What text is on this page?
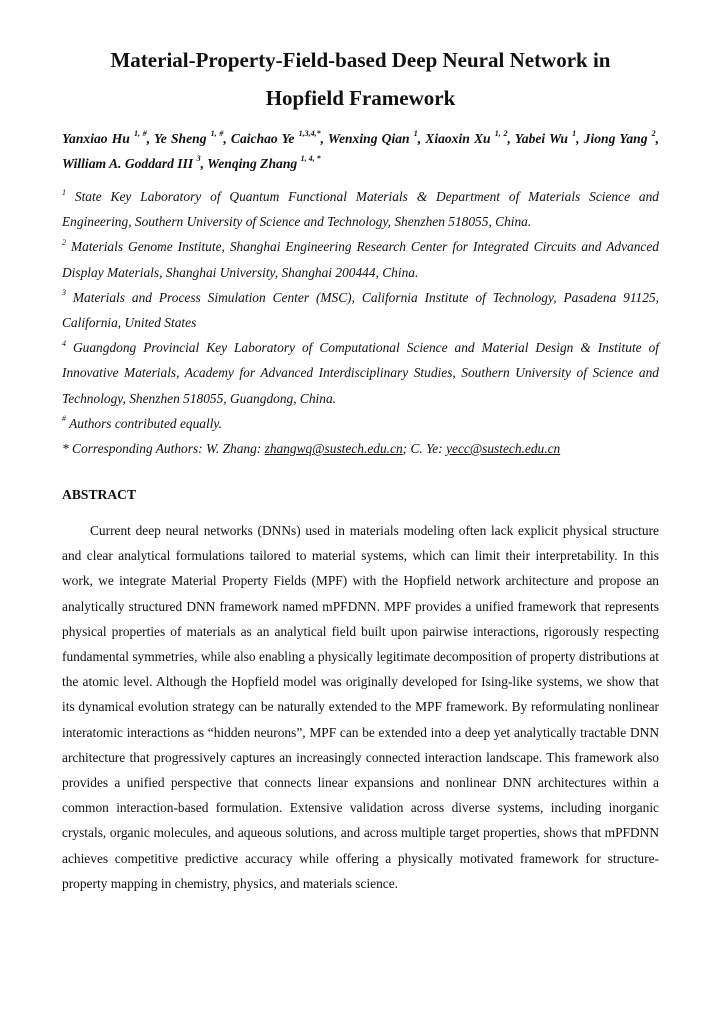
Material-Property-Field-based Deep Neural Network in
Hopfield Framework
Yanxiao Hu $^{1, \#}$, Ye Sheng $^{1, \#}$, Caichao Ye $^{1,3,4,*}$, Wenxing Qian $^1$, Xiaoxin Xu $^{1, 2}$, Yabei Wu $^1$, Jiong Yang $^2$, William A. Goddard III $^3$, Wenqing Zhang $^{1, 4, *}$

$^1$ State Key Laboratory of Quantum Functional Materials & Department of Materials Science and Engineering, Southern University of Science and Technology, Shenzhen 518055, China.

$^2$ Materials Genome Institute, Shanghai Engineering Research Center for Integrated Circuits and Advanced Display Materials, Shanghai University, Shanghai 200444, China.

$^3$ Materials and Process Simulation Center (MSC), California Institute of Technology, Pasadena 91125, California, United States

$^4$ Guangdong Provincial Key Laboratory of Computational Science and Material Design & Institute of Innovative Materials, Academy for Advanced Interdisciplinary Studies, Southern University of Science and Technology, Shenzhen 518055, Guangdong, China.

# Authors contributed equally.

* Corresponding Authors: W. Zhang: zhangwq@sustech.edu.cn; C. Ye: yecc@sustech.edu.cn

ABSTRACT

Current deep neural networks (DNNs) used in materials modeling often lack explicit physical structure and clear analytical formulations tailored to material systems, which can limit their interpretability. In this work, we integrate Material Property Fields (MPF) with the Hopfield network architecture and propose an analytically structured DNN framework named mPFDNN. MPF provides a unified framework that represents physical properties of materials as an analytical field built upon pairwise interactions, rigorously respecting fundamental symmetries, while also enabling a physically legitimate decomposition of property distributions at the atomic level. Although the Hopfield model was originally developed for Ising-like systems, we show that its dynamical evolution strategy can be naturally extended to the MPF framework. By reformulating nonlinear interatomic interactions as “hidden neurons”, MPF can be extended into a deep yet analytically tractable DNN architecture that progressively captures an increasingly connected interaction landscape. This framework also provides a unified perspective that connects linear expansions and nonlinear DNN architectures within a common interaction-based formulation. Extensive validation across diverse systems, including inorganic crystals, organic molecules, and aqueous solutions, and across multiple target properties, shows that mPFDNN achieves competitive predictive accuracy while offering a physically motivated framework for structure-property mapping in chemistry, physics, and materials science.
